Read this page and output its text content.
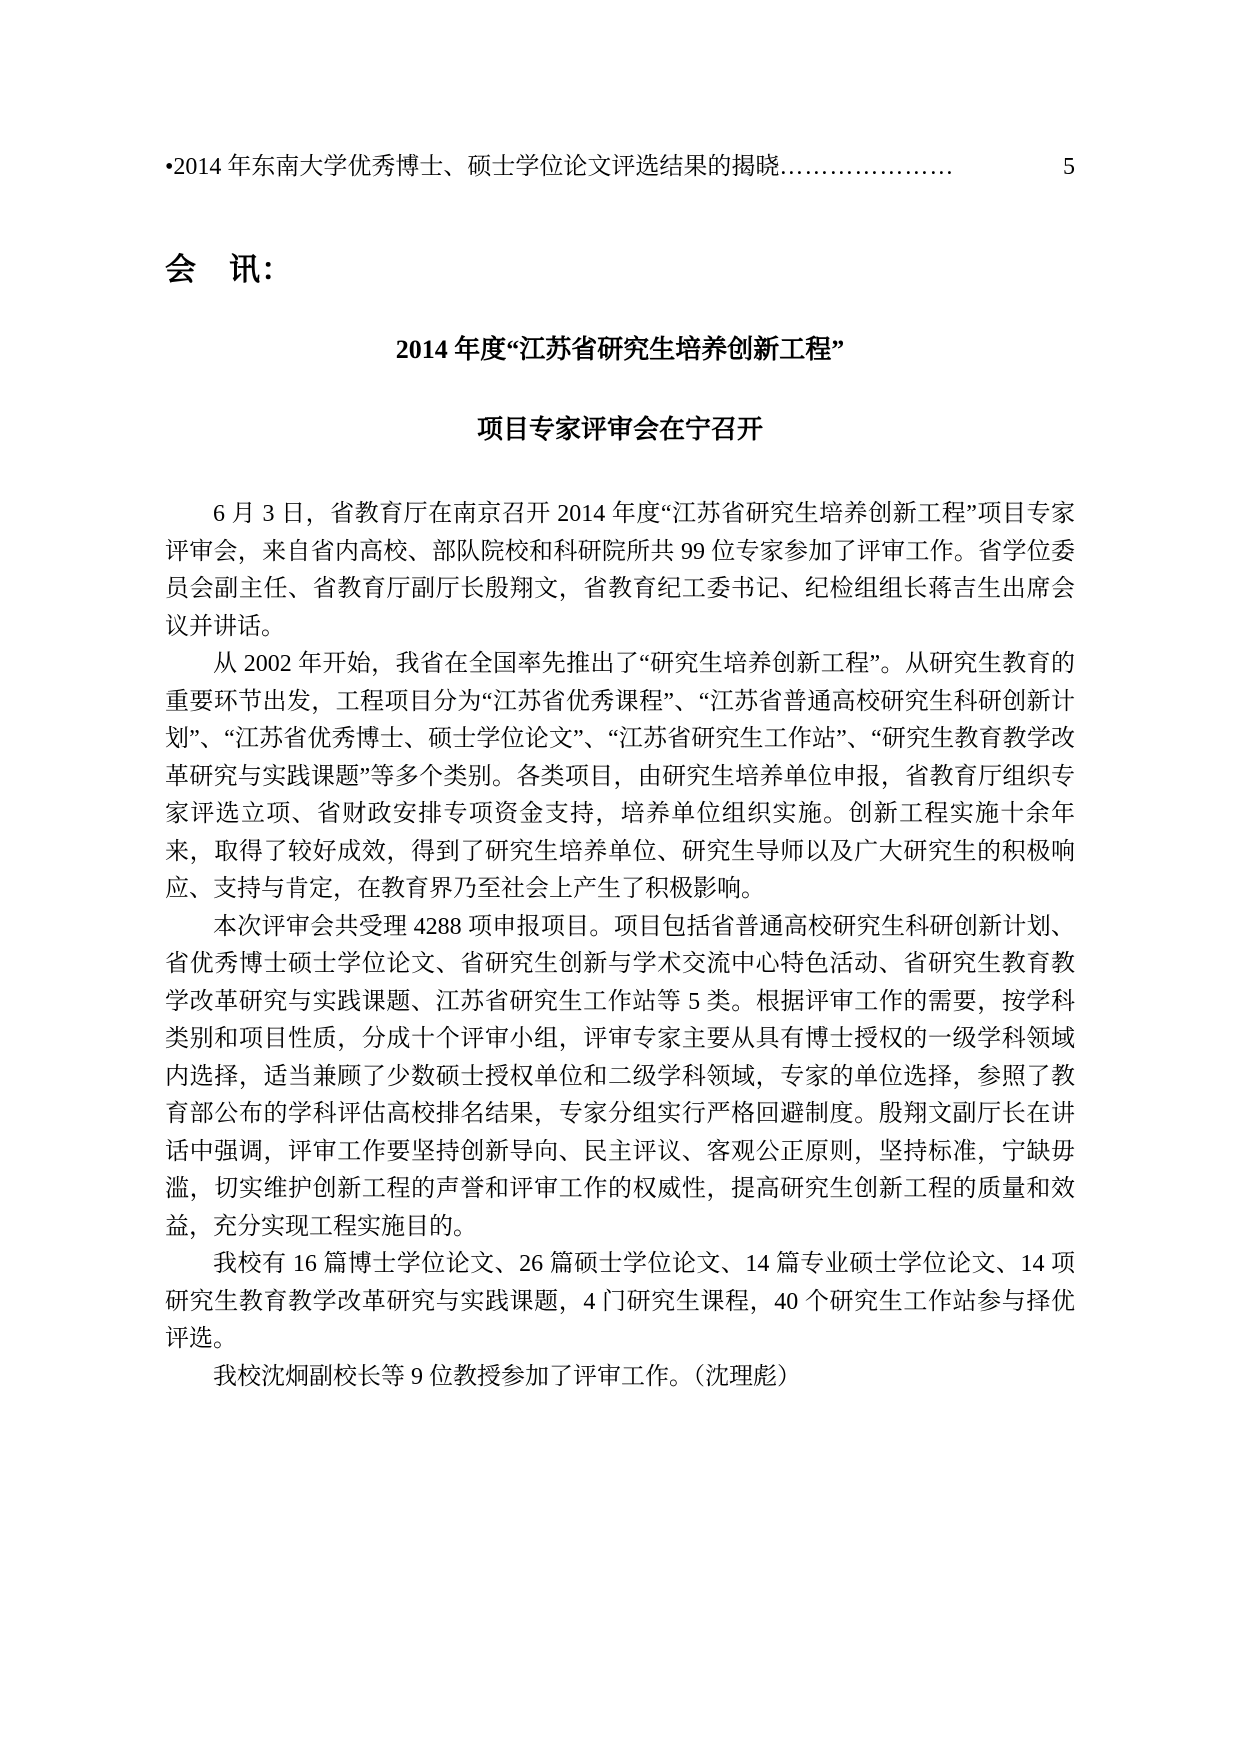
•2014 年东南大学优秀博士、硕士学位论文评选结果的揭晓 …………………	5
会　讯：
2014 年度“江苏省研究生培养创新工程”
项目专家评审会在宁召开

6 月 3 日，省教育厅在南京召开 2014 年度“江苏省研究生培养创新工程”项目专家评审会，来自省内高校、部队院校和科研院所共 99 位专家参加了评审工作。省学位委员会副主任、省教育厅副厅长殷翔文，省教育纪工委书记、纪检组组长蒋吉生出席会议并讲话。

从 2002 年开始，我省在全国率先推出了“研究生培养创新工程”。从研究生教育的重要环节出发，工程项目分为“江苏省优秀课程”、“江苏省普通高校研究生科研创新计划”、“江苏省优秀博士、硕士学位论文”、“江苏省研究生工作站”、“研究生教育教学改革研究与实践课题”等多个类别。各类项目，由研究生培养单位申报，省教育厅组织专家评选立项、省财政安排专项资金支持，培养单位组织实施。创新工程实施十余年来，取得了较好成效，得到了研究生培养单位、研究生导师以及广大研究生的积极响应、支持与肯定，在教育界乃至社会上产生了积极影响。

本次评审会共受理 4288 项申报项目。项目包括省普通高校研究生科研创新计划、省优秀博士硕士学位论文、省研究生创新与学术交流中心特色活动、省研究生教育教学改革研究与实践课题、江苏省研究生工作站等 5 类。根据评审工作的需要，按学科类别和项目性质，分成十个评审小组，评审专家主要从具有博士授权的一级学科领域内选择，适当兼顾了少数硕士授权单位和二级学科领域，专家的单位选择，参照了教育部公布的学科评估高校排名结果，专家分组实行严格回避制度。殷翔文副厅长在讲话中强调，评审工作要坚持创新导向、民主评议、客观公正原则，坚持标准，宁缺毋滥，切实维护创新工程的声誉和评审工作的权威性，提高研究生创新工程的质量和效益，充分实现工程实施目的。

我校有 16 篇博士学位论文、26 篇硕士学位论文、14 篇专业硕士学位论文、14 项研究生教育教学改革研究与实践课题，4 门研究生课程，40 个研究生工作站参与择优评选。

我校沈炯副校长等 9 位教授参加了评审工作。（沈理彪）
